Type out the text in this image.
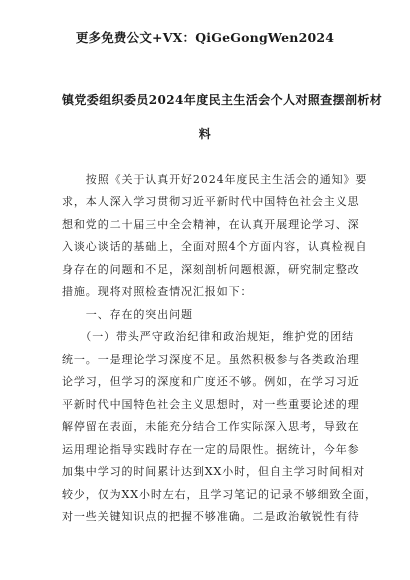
更多免费公文+VX：QiGeGongWen2024
镇党委组织委员2024年度民主生活会个人对照查摆剖析材
料
　　按照《关于认真开好2024年度民主生活会的通知》要
求，本人深入学习贯彻习近平新时代中国特色社会主义思
想和党的二十届三中全会精神，在认真开展理论学习、深
入谈心谈话的基础上，全面对照4个方面内容，认真检视自
身存在的问题和不足，深刻剖析问题根源，研究制定整改
措施。现将对照检查情况汇报如下：
　　一、存在的突出问题
　　（一）带头严守政治纪律和政治规矩，维护党的团结
统一。一是理论学习深度不足。虽然积极参与各类政治理
论学习，但学习的深度和广度还不够。例如，在学习习近
平新时代中国特色社会主义思想时，对一些重要论述的理
解停留在表面，未能充分结合工作实际深入思考，导致在
运用理论指导实践时存在一定的局限性。据统计，今年参
加集中学习的时间累计达到XX小时，但自主学习时间相对
较少，仅为XX小时左右，且学习笔记的记录不够细致全面，
对一些关键知识点的把握不够准确。二是政治敏锐性有待
